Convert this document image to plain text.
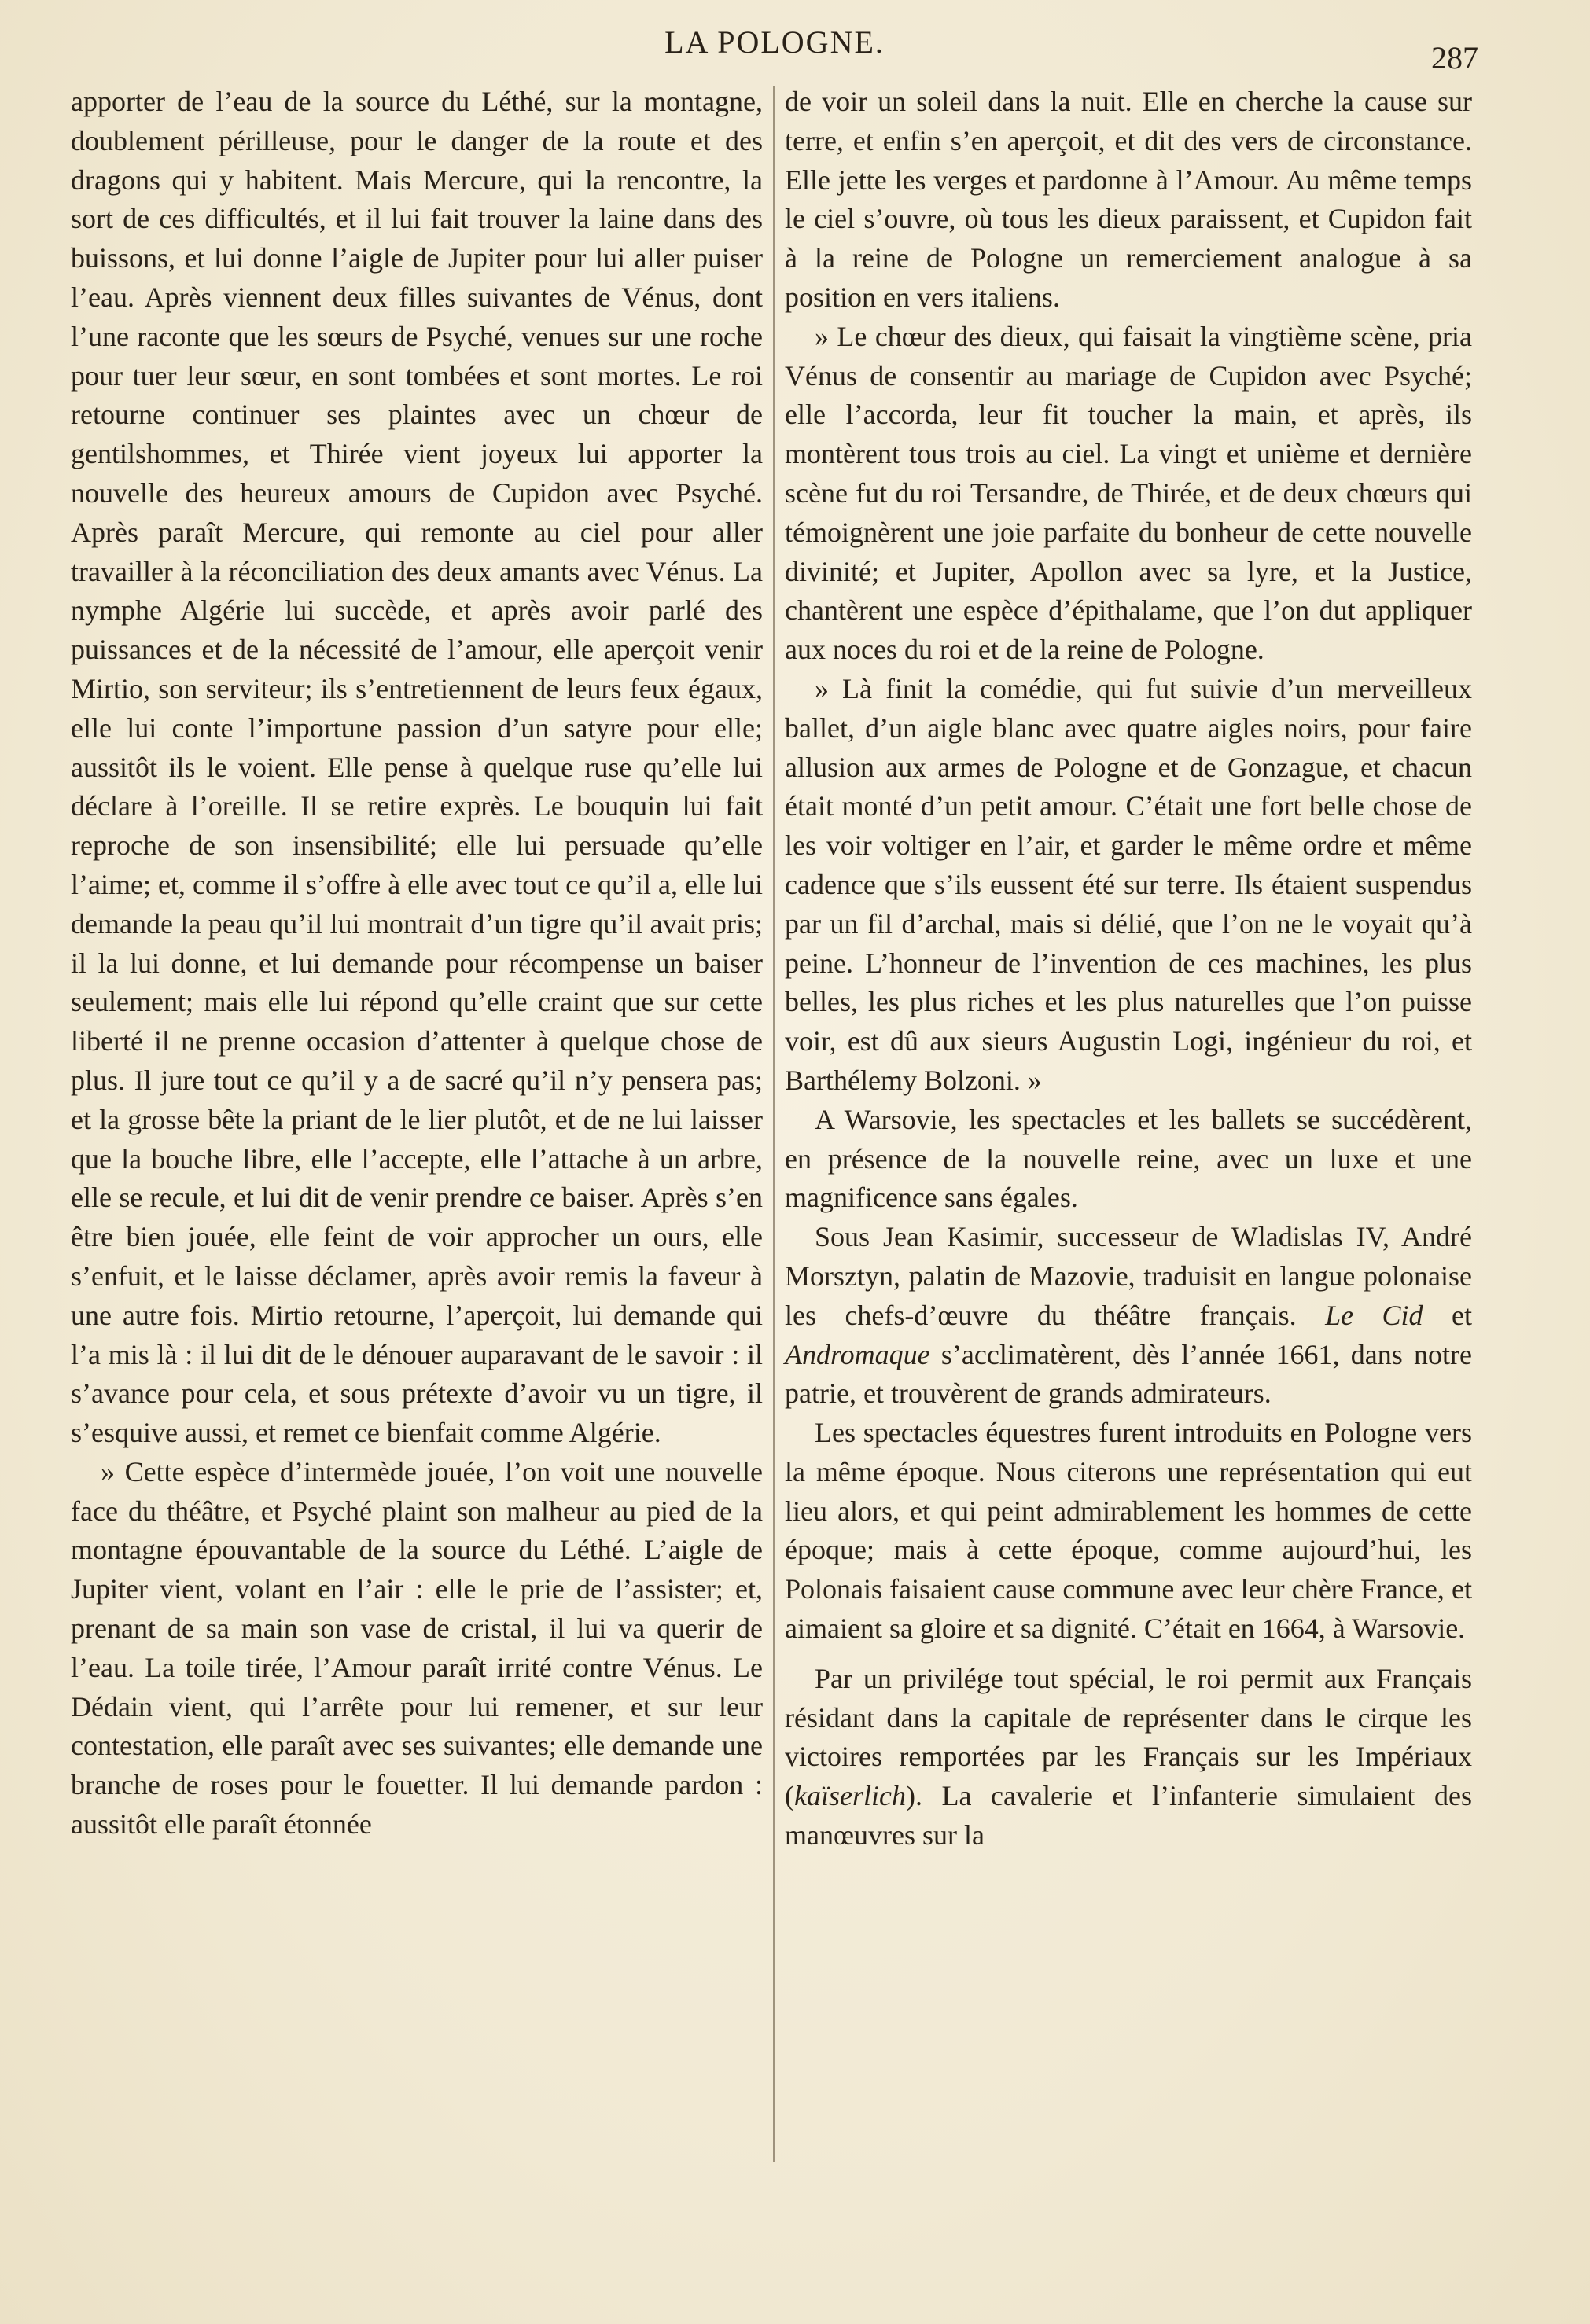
LA POLOGNE.	287

apporter de l’eau de la source du Léthé, sur la montagne, doublement périlleuse, pour le danger de la route et des dragons qui y habitent. Mais Mercure, qui la rencontre, la sort de ces difficultés, et il lui fait trouver la laine dans des buissons, et lui donne l’aigle de Jupiter pour lui aller puiser l’eau. Après viennent deux filles suivantes de Vénus, dont l’une raconte que les sœurs de Psyché, venues sur une roche pour tuer leur sœur, en sont tombées et sont mortes. Le roi retourne continuer ses plaintes avec un chœur de gentilshommes, et Thirée vient joyeux lui apporter la nouvelle des heureux amours de Cupidon avec Psyché. Après paraît Mercure, qui remonte au ciel pour aller travailler à la réconciliation des deux amants avec Vénus. La nymphe Algérie lui succède, et après avoir parlé des puissances et de la nécessité de l’amour, elle aperçoit venir Mirtio, son serviteur; ils s’entretiennent de leurs feux égaux, elle lui conte l’importune passion d’un satyre pour elle; aussitôt ils le voient. Elle pense à quelque ruse qu’elle lui déclare à l’oreille. Il se retire exprès. Le bouquin lui fait reproche de son insensibilité; elle lui persuade qu’elle l’aime; et, comme il s’offre à elle avec tout ce qu’il a, elle lui demande la peau qu’il lui montrait d’un tigre qu’il avait pris; il la lui donne, et lui demande pour récompense un baiser seulement; mais elle lui répond qu’elle craint que sur cette liberté il ne prenne occasion d’attenter à quelque chose de plus. Il jure tout ce qu’il y a de sacré qu’il n’y pensera pas; et la grosse bête la priant de le lier plutôt, et de ne lui laisser que la bouche libre, elle l’accepte, elle l’attache à un arbre, elle se recule, et lui dit de venir prendre ce baiser. Après s’en être bien jouée, elle feint de voir approcher un ours, elle s’enfuit, et le laisse déclamer, après avoir remis la faveur à une autre fois. Mirtio retourne, l’aperçoit, lui demande qui l’a mis là : il lui dit de le dénouer auparavant de le savoir : il s’avance pour cela, et sous prétexte d’avoir vu un tigre, il s’esquive aussi, et remet ce bienfait comme Algérie.

» Cette espèce d’intermède jouée, l’on voit une nouvelle face du théâtre, et Psyché plaint son malheur au pied de la montagne épouvantable de la source du Léthé. L’aigle de Jupiter vient, volant en l’air : elle le prie de l’assister; et, prenant de sa main son vase de cristal, il lui va querir de l’eau. La toile tirée, l’Amour paraît irrité contre Vénus. Le Dédain vient, qui l’arrête pour lui remener, et sur leur contestation, elle paraît avec ses suivantes; elle demande une branche de roses pour le fouetter. Il lui demande pardon : aussitôt elle paraît étonnée

de voir un soleil dans la nuit. Elle en cherche la cause sur terre, et enfin s’en aperçoit, et dit des vers de circonstance. Elle jette les verges et pardonne à l’Amour. Au même temps le ciel s’ouvre, où tous les dieux paraissent, et Cupidon fait à la reine de Pologne un remerciement analogue à sa position en vers italiens.

» Le chœur des dieux, qui faisait la vingtième scène, pria Vénus de consentir au mariage de Cupidon avec Psyché; elle l’accorda, leur fit toucher la main, et après, ils montèrent tous trois au ciel. La vingt et unième et dernière scène fut du roi Tersandre, de Thirée, et de deux chœurs qui témoignèrent une joie parfaite du bonheur de cette nouvelle divinité; et Jupiter, Apollon avec sa lyre, et la Justice, chantèrent une espèce d’épithalame, que l’on dut appliquer aux noces du roi et de la reine de Pologne.

» Là finit la comédie, qui fut suivie d’un merveilleux ballet, d’un aigle blanc avec quatre aigles noirs, pour faire allusion aux armes de Pologne et de Gonzague, et chacun était monté d’un petit amour. C’était une fort belle chose de les voir voltiger en l’air, et garder le même ordre et même cadence que s’ils eussent été sur terre. Ils étaient suspendus par un fil d’archal, mais si délié, que l’on ne le voyait qu’à peine. L’honneur de l’invention de ces machines, les plus belles, les plus riches et les plus naturelles que l’on puisse voir, est dû aux sieurs Augustin Logi, ingénieur du roi, et Barthélemy Bolzoni. »

A Warsovie, les spectacles et les ballets se succédèrent, en présence de la nouvelle reine, avec un luxe et une magnificence sans égales.

Sous Jean Kasimir, successeur de Wladislas IV, André Morsztyn, palatin de Mazovie, traduisit en langue polonaise les chefs-d’œuvre du théâtre français. Le Cid et Andromaque s’acclimatèrent, dès l’année 1661, dans notre patrie, et trouvèrent de grands admirateurs.

Les spectacles équestres furent introduits en Pologne vers la même époque. Nous citerons une représentation qui eut lieu alors, et qui peint admirablement les hommes de cette époque; mais à cette époque, comme aujourd’hui, les Polonais faisaient cause commune avec leur chère France, et aimaient sa gloire et sa dignité. C’était en 1664, à Warsovie.

Par un privilége tout spécial, le roi permit aux Français résidant dans la capitale de représenter dans le cirque les victoires remportées par les Français sur les Impériaux (kaïserlich). La cavalerie et l’infanterie simulaient des manœuvres sur la
